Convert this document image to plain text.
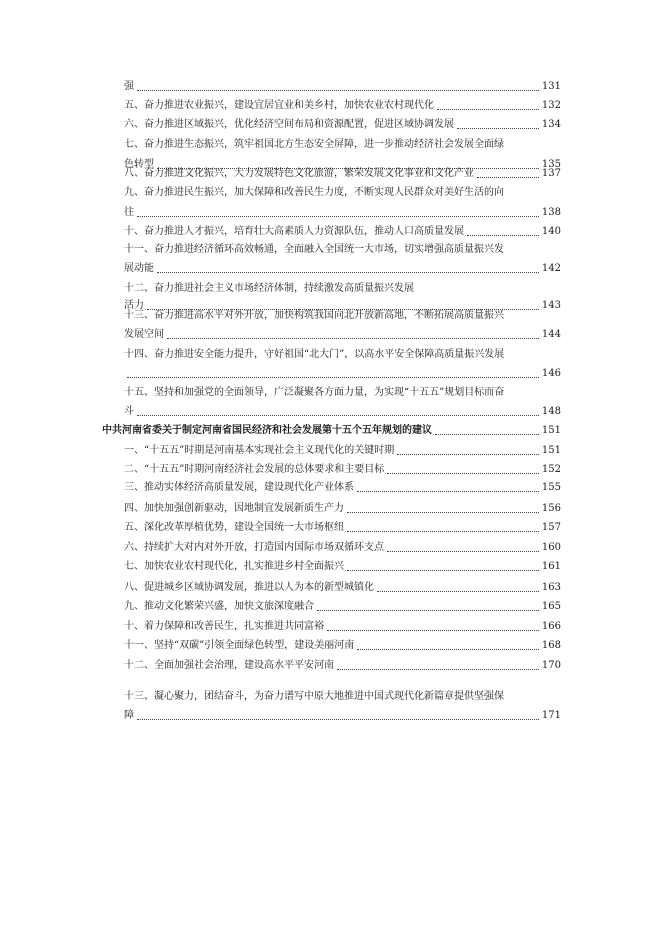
强	131
五、奋力推进农业振兴，建设宜居宜业和美乡村，加快农业农村现代化	132
六、奋力推进区域振兴，优化经济空间布局和资源配置，促进区域协调发展	134
七、奋力推进生态振兴，筑牢祖国北方生态安全屏障，进一步推动经济社会发展全面绿
色转型	135
八、奋力推进文化振兴，大力发展特色文化旅游，繁荣发展文化事业和文化产业	137
九、奋力推进民生振兴，加大保障和改善民生力度，不断实现人民群众对美好生活的向
往	138
十、奋力推进人才振兴，培育壮大高素质人力资源队伍，推动人口高质量发展	140
十一、奋力推进经济循环高效畅通，全面融入全国统一大市场，切实增强高质量振兴发
展动能	142
十二、奋力推进社会主义市场经济体制，持续激发高质量振兴发展
活力	143
十三、奋力推进高水平对外开放，加快构筑我国向北开放新高地，不断拓展高质量振兴
发展空间	144
十四、奋力推进安全能力提升，守好祖国“北大门”，以高水平安全保障高质量振兴发展
146
十五、坚持和加强党的全面领导，广泛凝聚各方面力量，为实现“十五五”规划目标而奋
斗	148
中共河南省委关于制定河南省国民经济和社会发展第十五个五年规划的建议	151
一、“十五五”时期是河南基本实现社会主义现代化的关键时期	151
二、“十五五”时期河南经济社会发展的总体要求和主要目标	152
三、推动实体经济高质量发展，建设现代化产业体系	155
四、加快加强创新驱动，因地制宜发展新质生产力	156
五、深化改革厚植优势，建设全国统一大市场枢纽	157
六、持续扩大对内对外开放，打造国内国际市场双循环支点	160
七、加快农业农村现代化，扎实推进乡村全面振兴	161
八、促进城乡区域协调发展，推进以人为本的新型城镇化	163
九、推动文化繁荣兴盛，加快文旅深度融合	165
十、着力保障和改善民生，扎实推进共同富裕	166
十一、坚持“双碳”引领全面绿色转型，建设美丽河南	168
十二、全面加强社会治理，建设高水平平安河南	170
十三、凝心聚力，团结奋斗，为奋力谱写中原大地推进中国式现代化新篇章提供坚强保
障	171
